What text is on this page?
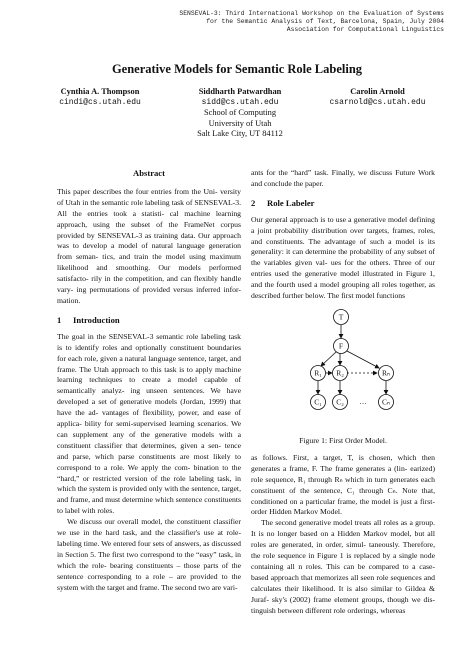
SENSEVAL-3: Third International Workshop on the Evaluation of Systems
for the Semantic Analysis of Text, Barcelona, Spain, July 2004
Association for Computational Linguistics
Generative Models for Semantic Role Labeling
Cynthia A. Thompson
cindi@cs.utah.edu
Siddharth Patwardhan
sidd@cs.utah.edu
School of Computing
University of Utah
Salt Lake City, UT 84112
Carolin Arnold
csarnold@cs.utah.edu
Abstract

This paper describes the four entries from the Uni- versity of Utah in the semantic role labeling task of SENSEVAL-3. All the entries took a statisti- cal machine learning approach, using the subset of the FrameNet corpus provided by SENSEVAL-3 as training data. Our approach was to develop a model of natural language generation from seman- tics, and train the model using maximum likelihood and smoothing. Our models performed satisfacto- rily in the competition, and can flexibly handle vary- ing permutations of provided versus inferred infor- mation.

1 Introduction

The goal in the SENSEVAL-3 semantic role labeling task is to identify roles and optionally constituent boundaries for each role, given a natural language sentence, target, and frame. The Utah approach to this task is to apply machine learning techniques to create a model capable of semantically analyz- ing unseen sentences. We have developed a set of generative models (Jordan, 1999) that have the ad- vantages of flexibility, power, and ease of applica- bility for semi-supervised learning scenarios. We can supplement any of the generative models with a constituent classifier that determines, given a sen- tence and parse, which parse constituents are most likely to correspond to a role. We apply the com- bination to the “hard,” or restricted version of the role labeling task, in which the system is provided only with the sentence, target, and frame, and must determine which sentence constituents to label with roles.

We discuss our overall model, the constituent classifier we use in the hard task, and the classifier's use at role-labeling time. We entered four sets of answers, as discussed in Section 5. The first two correspond to the “easy” task, in which the role- bearing constituents – those parts of the sentence corresponding to a role – are provided to the system with the target and frame. The second two are vari-

ants for the “hard” task. Finally, we discuss Future Work and conclude the paper.

2 Role Labeler

Our general approach is to use a generative model defining a joint probability distribution over targets, frames, roles, and constituents. The advantage of such a model is its generality: it can determine the probability of any subset of the variables given val- ues for the others. Three of our entries used the generative model illustrated in Figure 1, and the fourth used a model grouping all roles together, as described further below. The first model functions

T
F
R₁ R₂	Rₙ
C₁ C₂	Cₙ
…
Figure 1: First Order Model.

as follows. First, a target, T, is chosen, which then generates a frame, F. The frame generates a (lin- earized) role sequence, R₁ through Rₙ which in turn generates each constituent of the sentence, C₁ through Cₙ. Note that, conditioned on a particular frame, the model is just a first-order Hidden Markov Model.

The second generative model treats all roles as a group. It is no longer based on a Hidden Markov model, but all roles are generated, in order, simul- taneously. Therefore, the role sequence in Figure 1 is replaced by a single node containing all n roles. This can be compared to a case-based approach that memorizes all seen role sequences and calculates their likelihood. It is also similar to Gildea & Juraf- sky's (2002) frame element groups, though we dis- tinguish between different role orderings, whereas
